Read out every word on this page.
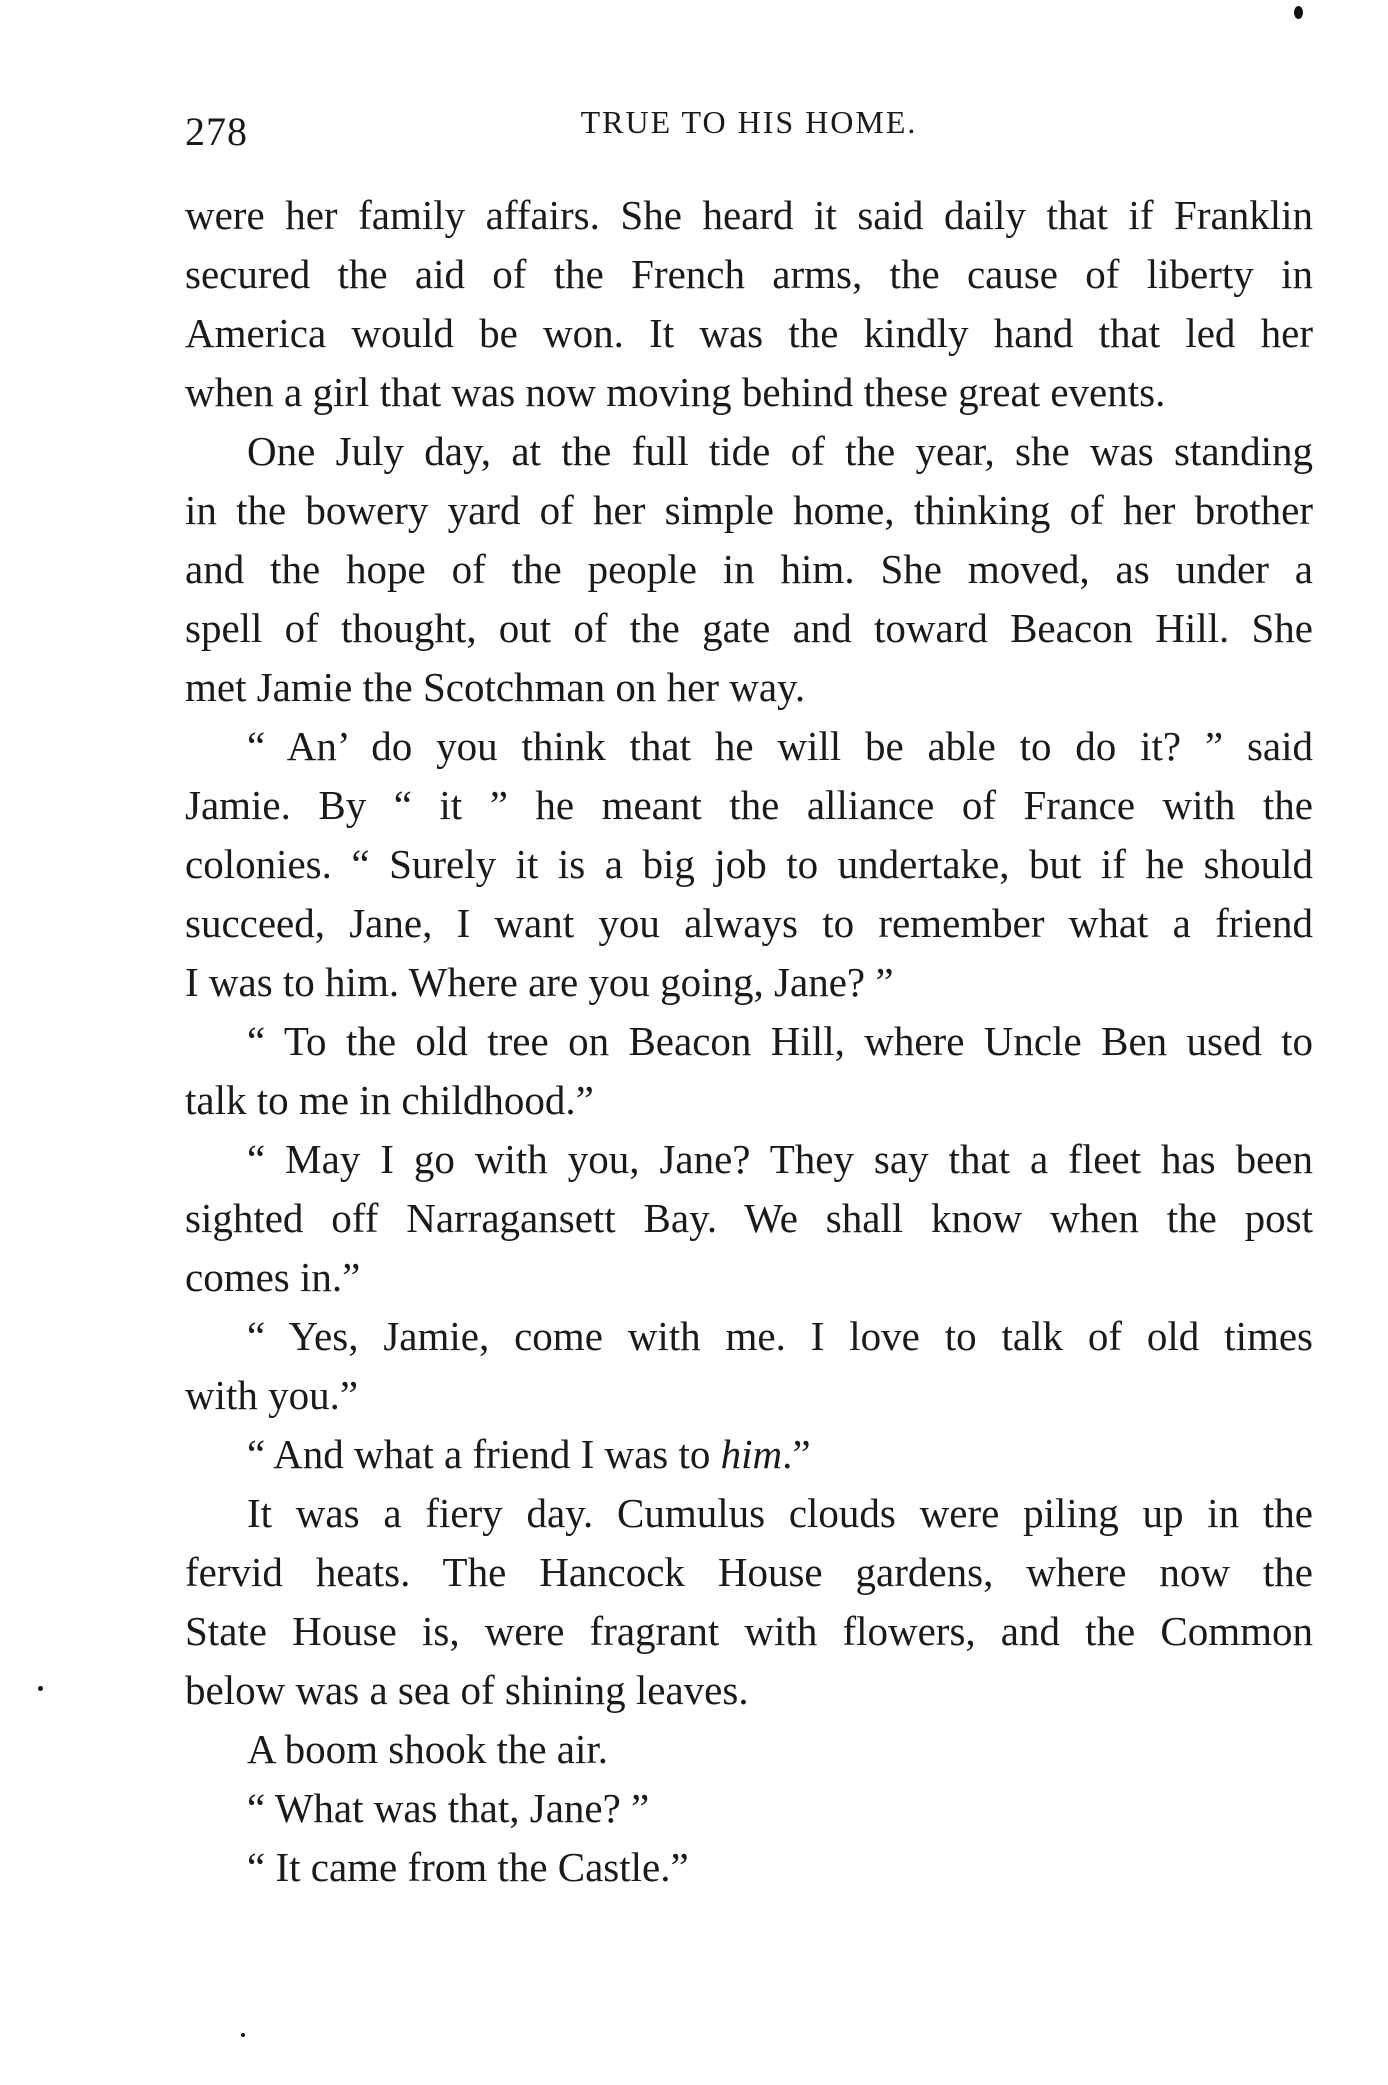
278	TRUE TO HIS HOME.
were her family affairs. She heard it said daily that if Franklin
secured the aid of the French arms, the cause of liberty in
America would be won. It was the kindly hand that led her
when a girl that was now moving behind these great events.
One July day, at the full tide of the year, she was standing
in the bowery yard of her simple home, thinking of her brother
and the hope of the people in him. She moved, as under a
spell of thought, out of the gate and toward Beacon Hill. She
met Jamie the Scotchman on her way.
“ An’ do you think that he will be able to do it? ” said
Jamie. By “ it ” he meant the alliance of France with the
colonies. “ Surely it is a big job to undertake, but if he should
succeed, Jane, I want you always to remember what a friend
I was to him. Where are you going, Jane? ”
“ To the old tree on Beacon Hill, where Uncle Ben used to
talk to me in childhood.”
“ May I go with you, Jane? They say that a fleet has been
sighted off Narragansett Bay. We shall know when the post
comes in.”
“ Yes, Jamie, come with me. I love to talk of old times
with you.”
“ And what a friend I was to him.”
It was a fiery day. Cumulus clouds were piling up in the
fervid heats. The Hancock House gardens, where now the
State House is, were fragrant with flowers, and the Common
below was a sea of shining leaves.
A boom shook the air.
“ What was that, Jane? ”
“ It came from the Castle.”
